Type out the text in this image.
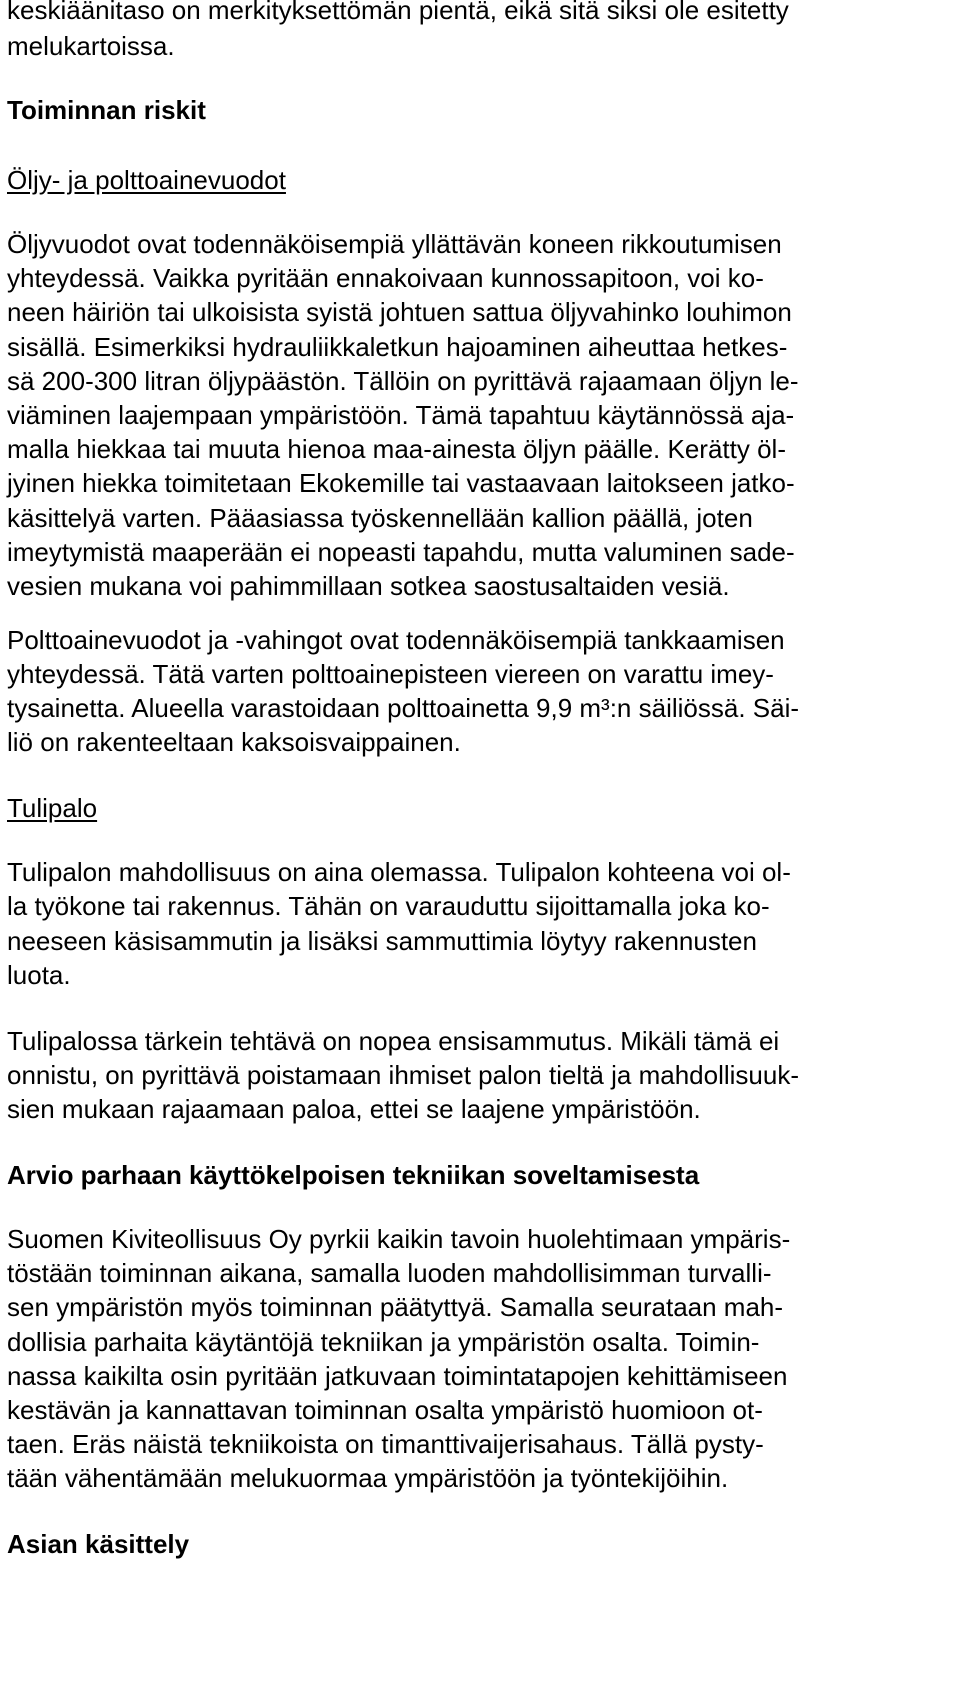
keskiäänitaso on merkityksettömän pientä, eikä sitä siksi ole esitetty
melukartoissa.
Toiminnan riskit
Öljy- ja polttoainevuodot
Öljyvuodot ovat todennäköisempiä yllättävän koneen rikkoutumisen
yhteydessä. Vaikka pyritään ennakoivaan kunnossapitoon, voi ko-
neen häiriön tai ulkoisista syistä johtuen sattua öljyvahinko louhimon
sisällä. Esimerkiksi hydrauliikkaletkun hajoaminen aiheuttaa hetkes-
sä 200-300 litran öljypäästön. Tällöin on pyrittävä rajaamaan öljyn le-
viäminen laajempaan ympäristöön. Tämä tapahtuu käytännössä aja-
malla hiekkaa tai muuta hienoa maa-ainesta öljyn päälle. Kerätty öl-
jyinen hiekka toimitetaan Ekokemille tai vastaavaan laitokseen jatko-
käsittelyä varten. Pääasiassa työskennellään kallion päällä, joten
imeytymistä maaperään ei nopeasti tapahdu, mutta valuminen sade-
vesien mukana voi pahimmillaan sotkea saostusaltaiden vesiä.
Polttoainevuodot ja -vahingot ovat todennäköisempiä tankkaamisen
yhteydessä. Tätä varten polttoainepisteen viereen on varattu imey-
tysainetta. Alueella varastoidaan polttoainetta 9,9 m³:n säiliössä. Säi-
liö on rakenteeltaan kaksoisvaippainen.
Tulipalo
Tulipalon mahdollisuus on aina olemassa. Tulipalon kohteena voi ol-
la työkone tai rakennus. Tähän on varauduttu sijoittamalla joka ko-
neeseen käsisammutin ja lisäksi sammuttimia löytyy rakennusten
luota.
Tulipalossa tärkein tehtävä on nopea ensisammutus. Mikäli tämä ei
onnistu, on pyrittävä poistamaan ihmiset palon tieltä ja mahdollisuuk-
sien mukaan rajaamaan paloa, ettei se laajene ympäristöön.
Arvio parhaan käyttökelpoisen tekniikan soveltamisesta
Suomen Kiviteollisuus Oy pyrkii kaikin tavoin huolehtimaan ympäris-
töstään toiminnan aikana, samalla luoden mahdollisimman turvalli-
sen ympäristön myös toiminnan päätyttyä. Samalla seurataan mah-
dollisia parhaita käytäntöjä tekniikan ja ympäristön osalta. Toimin-
nassa kaikilta osin pyritään jatkuvaan toimintatapojen kehittämiseen
kestävän ja kannattavan toiminnan osalta ympäristö huomioon ot-
taen. Eräs näistä tekniikoista on timanttivaijerisahaus. Tällä pysty-
tään vähentämään melukuormaa ympäristöön ja työntekijöihin.
Asian käsittely
